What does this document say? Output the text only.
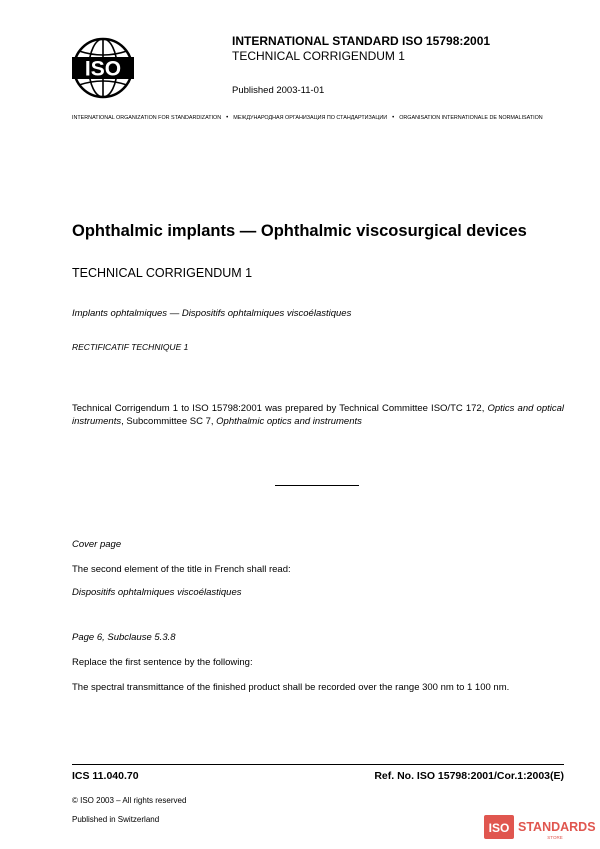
ISO
INTERNATIONAL STANDARD ISO 15798:2001
TECHNICAL CORRIGENDUM 1
Published 2003-11-01
INTERNATIONAL ORGANIZATION FOR STANDARDIZATION • МЕЖДУНАРОДНАЯ ОРГАНИЗАЦИЯ ПО СТАНДАРТИЗАЦИИ • ORGANISATION INTERNATIONALE DE NORMALISATION
Ophthalmic implants — Ophthalmic viscosurgical devices
TECHNICAL CORRIGENDUM 1
Implants ophtalmiques — Dispositifs ophtalmiques viscoélastiques
RECTIFICATIF TECHNIQUE 1
Technical Corrigendum 1 to ISO 15798:2001 was prepared by Technical Committee ISO/TC 172, Optics and optical instruments, Subcommittee SC 7, Ophthalmic optics and instruments
Cover page
The second element of the title in French shall read:
Dispositifs ophtalmiques viscoélastiques
Page 6, Subclause 5.3.8
Replace the first sentence by the following:
The spectral transmittance of the finished product shall be recorded over the range 300 nm to 1 100 nm.
ICS 11.040.70	Ref. No. ISO 15798:2001/Cor.1:2003(E)
© ISO 2003 – All rights reserved
Published in Switzerland
ISO STANDARDS
STORE
